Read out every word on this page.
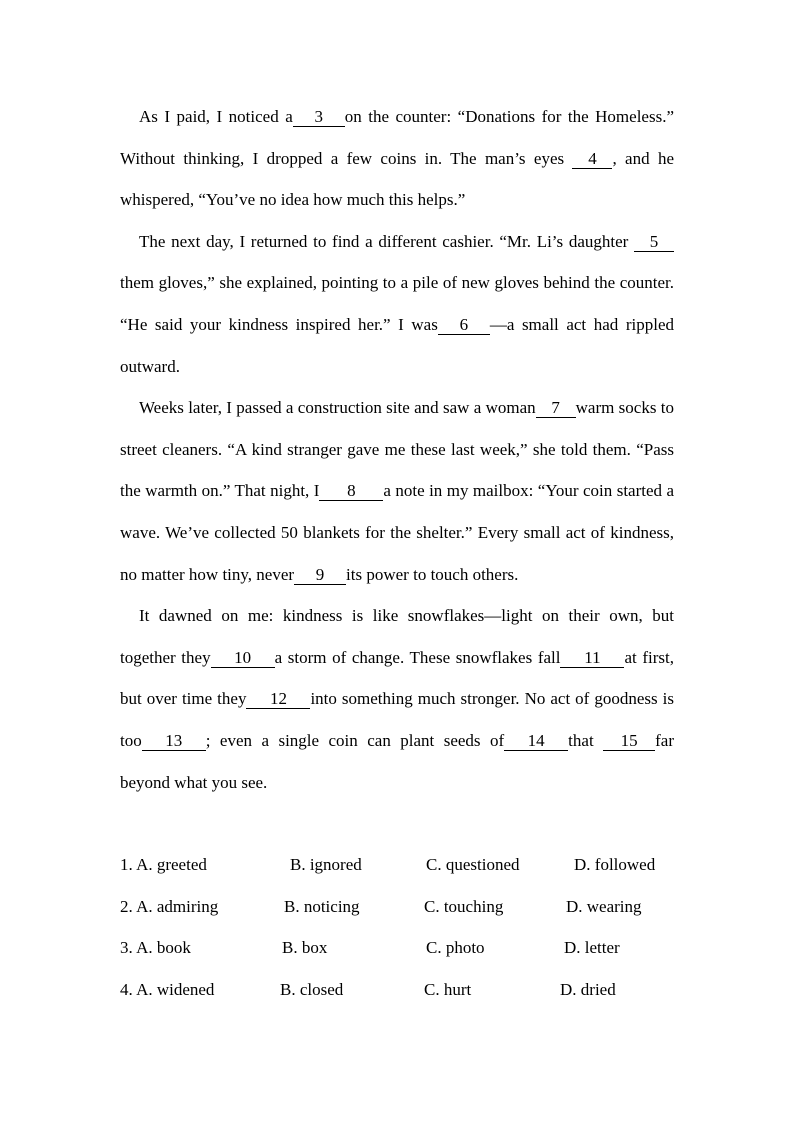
As I paid, I noticed a 3 on the counter: “Donations for the Homeless.” Without thinking, I dropped a few coins in. The man’s eyes 4 , and he whispered, “You’ve no idea how much this helps.”

The next day, I returned to find a different cashier. “Mr. Li’s daughter 5them gloves,” she explained, pointing to a pile of new gloves behind the counter. “He said your kindness inspired her.” I was 6 —a small act had rippled outward.

Weeks later, I passed a construction site and saw a woman 7 warm socks to street cleaners. “A kind stranger gave me these last week,” she told them. “Pass the warmth on.” That night, I 8 a note in my mailbox: “Your coin started a wave. We’ve collected 50 blankets for the shelter.” Every small act of kindness, no matter how tiny, never 9 its power to touch others.

It dawned on me: kindness is like snowflakes—light on their own, but together they 10 a storm of change. These snowflakes fall 11 at first, but over time they 12 into something much stronger. No act of goodness is too 13 ; even a single coin can plant seeds of 14 that 15 far beyond what you see.

1. A. greeted	B. ignored	C. questioned	D. followed
2. A. admiring	B. noticing	C. touching	D. wearing
3. A. book	B. box	C. photo	D. letter
4. A. widened	B. closed	C. hurt	D. dried
